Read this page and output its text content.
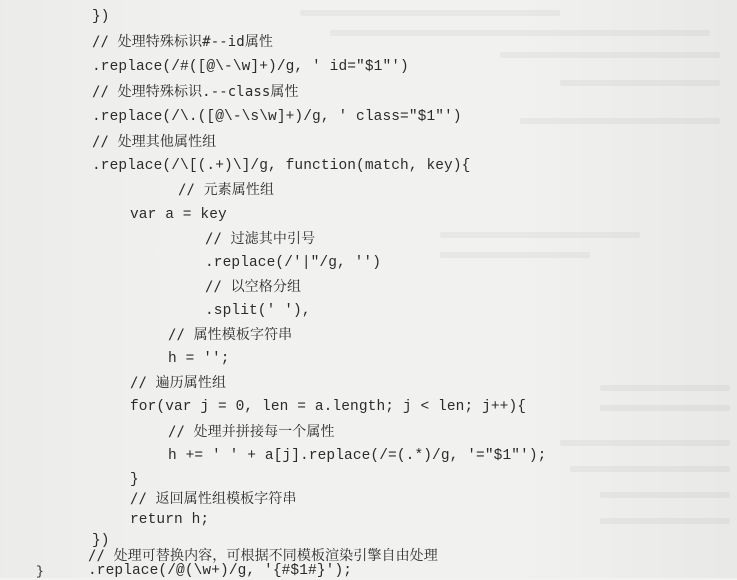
})
// 处理特殊标识#--id属性
.replace(/#([@\-\w]+)/g, ' id="$1"')
// 处理特殊标识.--class属性
.replace(/\.([@\-\s\w]+)/g, ' class="$1"')
// 处理其他属性组
.replace(/\[(.+)\]/g, function(match, key){
// 元素属性组
var a = key
// 过滤其中引号
.replace(/'|"/g, '')
// 以空格分组
.split(' '),
// 属性模板字符串
h = '';
// 遍历属性组
for(var j = 0, len = a.length; j < len; j++){
// 处理并拼接每一个属性
h += ' ' + a[j].replace(/=(.*)/g, '="$1"');
}
// 返回属性组模板字符串
return h;
})
// 处理可替换内容，可根据不同模板渲染引擎自由处理
.replace(/@(\w+)/g, '{#$1#}');
}
